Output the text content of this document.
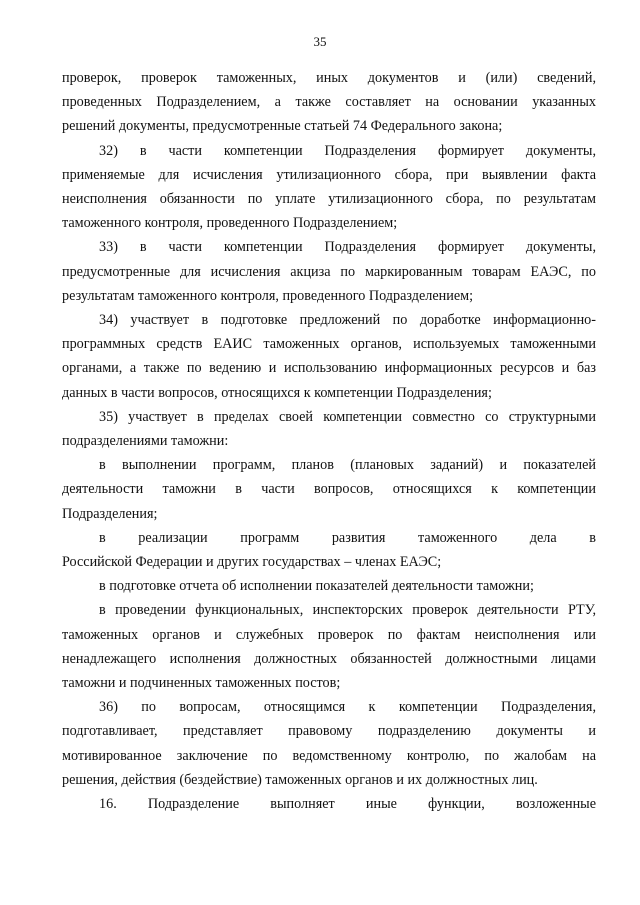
35

проверок, проверок таможенных, иных документов и (или) сведений,
проведенных Подразделением, а также составляет на основании указанных
решений документы, предусмотренные статьей 74 Федерального закона;

32) в части компетенции Подразделения формирует документы,
применяемые для исчисления утилизационного сбора, при выявлении факта
неисполнения обязанности по уплате утилизационного сбора, по результатам
таможенного контроля, проведенного Подразделением;

33) в части компетенции Подразделения формирует документы,
предусмотренные для исчисления акциза по маркированным товарам ЕАЭС, по
результатам таможенного контроля, проведенного Подразделением;

34) участвует в подготовке предложений по доработке информационно-
программных средств ЕАИС таможенных органов, используемых таможенными
органами, а также по ведению и использованию информационных ресурсов и баз
данных в части вопросов, относящихся к компетенции Подразделения;

35) участвует в пределах своей компетенции совместно со структурными
подразделениями таможни:

в выполнении программ, планов (плановых заданий) и показателей
деятельности таможни в части вопросов, относящихся к компетенции
Подразделения;

в реализации программ развития таможенного дела в
Российской Федерации и других государствах – членах ЕАЭС;

в подготовке отчета об исполнении показателей деятельности таможни;

в проведении функциональных, инспекторских проверок деятельности РТУ,
таможенных органов и служебных проверок по фактам неисполнения или
ненадлежащего исполнения должностных обязанностей должностными лицами
таможни и подчиненных таможенных постов;

36) по вопросам, относящимся к компетенции Подразделения,
подготавливает, представляет правовому подразделению документы и
мотивированное заключение по ведомственному контролю, по жалобам на
решения, действия (бездействие) таможенных органов и их должностных лиц.

16. Подразделение выполняет иные функции, возложенные
